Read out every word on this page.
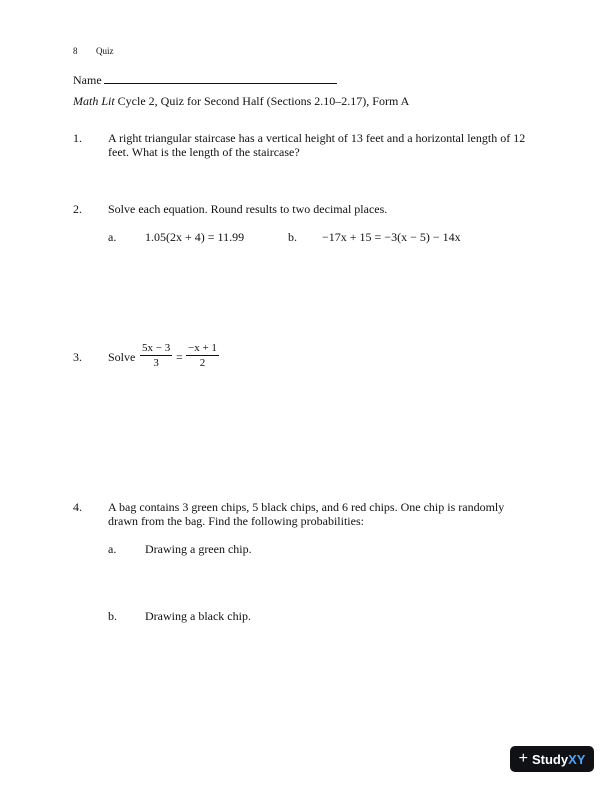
8 Quiz
Name
Math Lit Cycle 2, Quiz for Second Half (Sections 2.10–2.17), Form A
1. A right triangular staircase has a vertical height of 13 feet and a horizontal length of 12 feet. What is the length of the staircase?
2. Solve each equation. Round results to two decimal places.
a. 1.05(2x + 4) = 11.99	b. −17x + 15 = −3(x − 5) − 14x
3. Solve $\frac{5x - 3}{3} = \frac{-x + 1}{2}$
4. A bag contains 3 green chips, 5 black chips, and 6 red chips. One chip is randomly drawn from the bag. Find the following probabilities:
a. Drawing a green chip.
b. Drawing a black chip.
+ StudyXY
